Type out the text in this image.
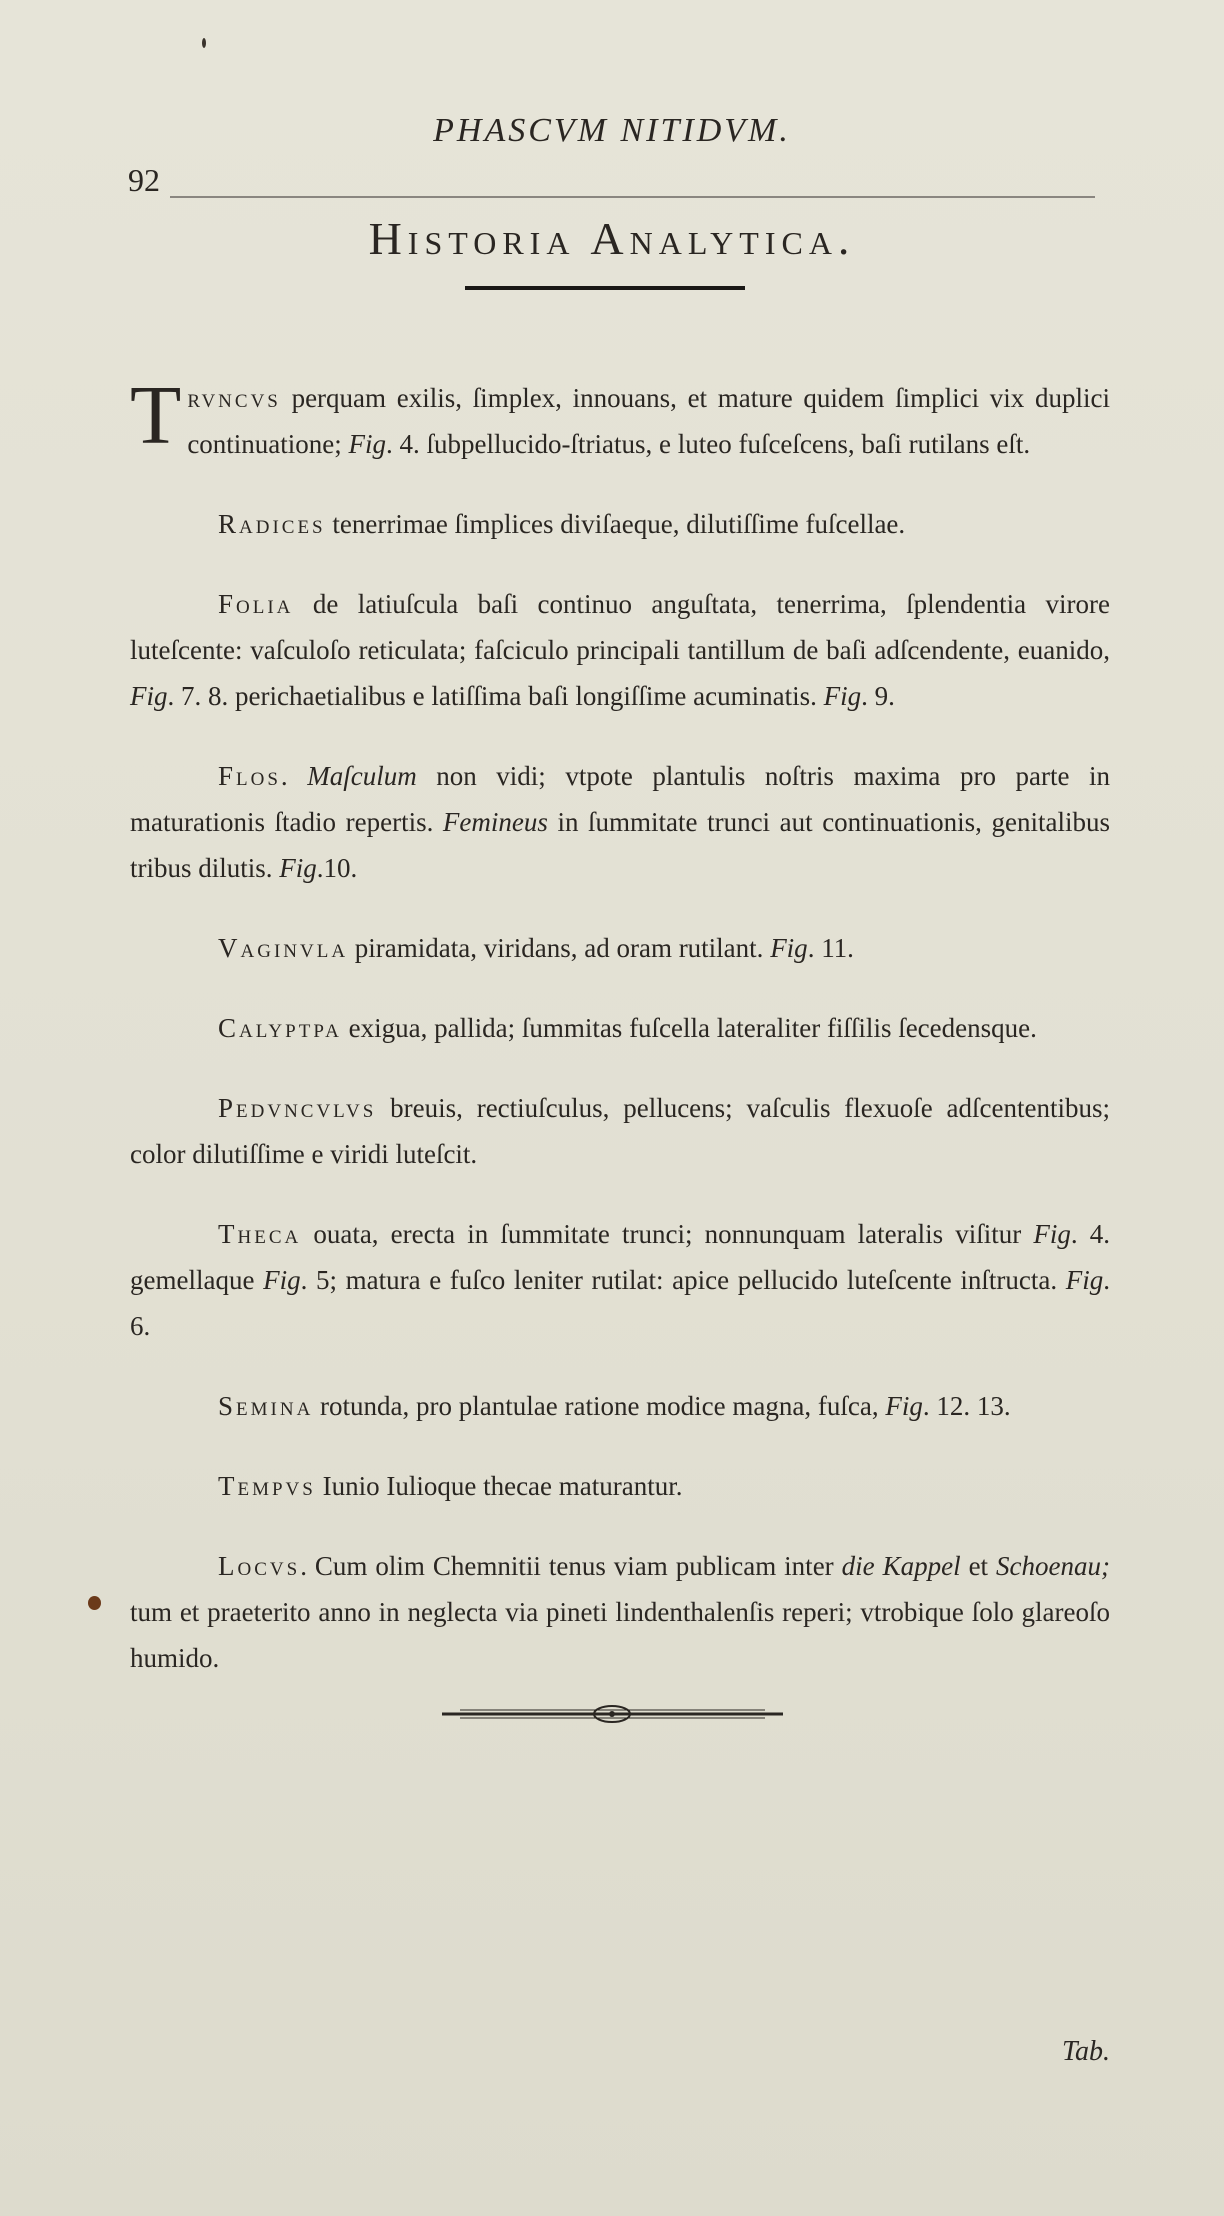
PHASCVM NITIDVM.
92
Historia Analytica.

Trvncvs perquam exilis, ſimplex, innouans, et mature quidem ſimplici vix duplici continuatione; Fig. 4. ſubpellucido-ſtriatus, e luteo fuſceſcens, baſi rutilans eſt.

Radices tenerrimae ſimplices diviſaeque, dilutiſſime fuſcellae.

Folia de latiuſcula baſi continuo anguſtata, tenerrima, ſplendentia virore luteſcente: vaſculoſo reticulata; faſciculo principali tantillum de baſi adſcendente, euanido, Fig. 7. 8. perichaetialibus e latiſſima baſi longiſſime acuminatis. Fig. 9.

Flos. Maſculum non vidi; vtpote plantulis noſtris maxima pro parte in maturationis ſtadio repertis. Femineus in ſummitate trunci aut continuationis, genitalibus tribus dilutis. Fig.10.

Vaginvla piramidata, viridans, ad oram rutilant. Fig. 11.

Calyptpa exigua, pallida; ſummitas fuſcella lateraliter fiſſilis ſecedensque.

Pedvncvlvs breuis, rectiuſculus, pellucens; vaſculis flexuoſe adſcententibus; color dilutiſſime e viridi luteſcit.

Theca ouata, erecta in ſummitate trunci; nonnunquam lateralis viſitur Fig. 4. gemellaque Fig. 5; matura e fuſco leniter rutilat: apice pellucido luteſcente inſtructa. Fig. 6.

Semina rotunda, pro plantulae ratione modice magna, fuſca, Fig. 12. 13.

Tempvs Iunio Iulioque thecae maturantur.

Locvs. Cum olim Chemnitii tenus viam publicam inter die Kappel et Schoenau; tum et praeterito anno in neglecta via pineti lindenthalenſis reperi; vtrobique ſolo glareoſo humido.

Tab.
